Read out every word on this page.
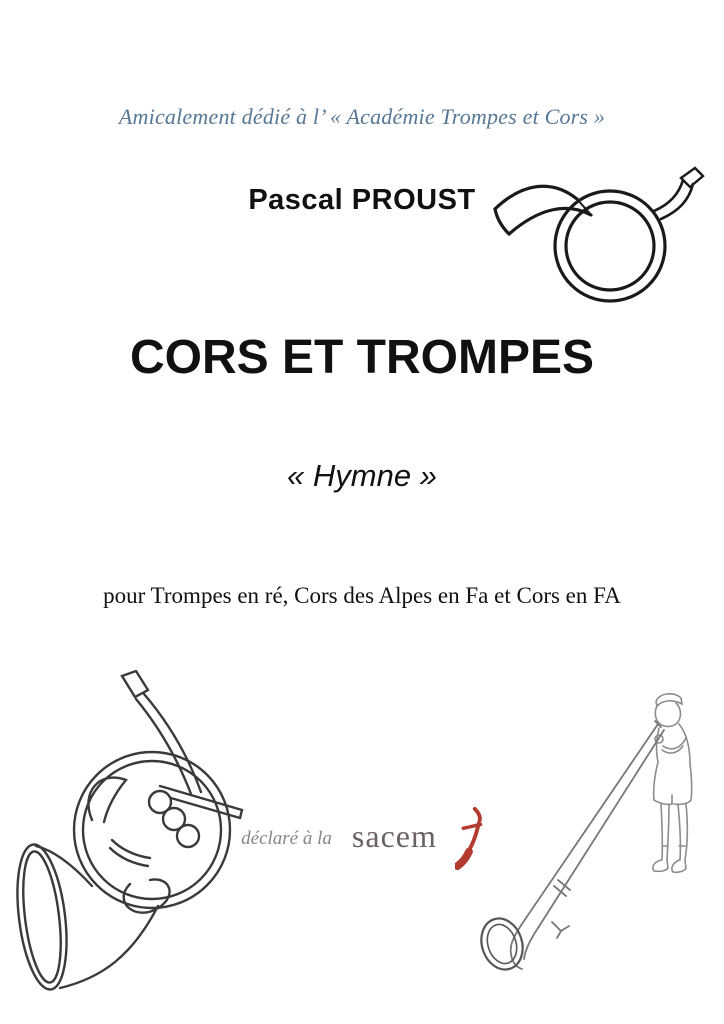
Amicalement dédié à l’ « Académie Trompes et Cors »
Pascal PROUST
CORS ET TROMPES
« Hymne »
pour Trompes en ré, Cors des Alpes en Fa et Cors en FA
déclaré à la sacem
